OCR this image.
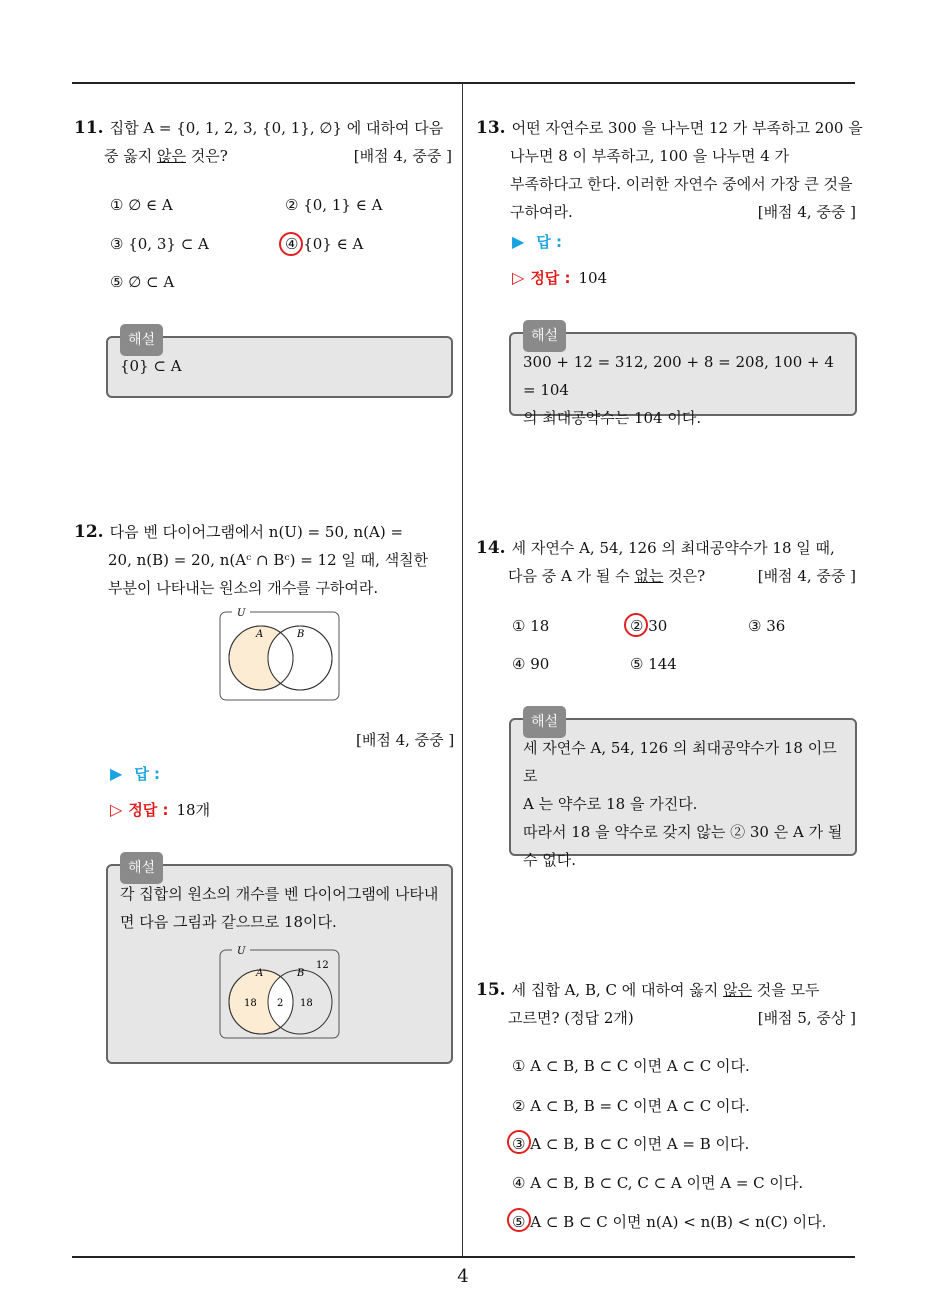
4
11. 집합 A = {0, 1, 2, 3, {0, 1}, ∅} 에 대하여 다음
중 옳지 않은 것은?	[배점 4, 중중 ]
① ∅ ∈ A	② {0, 1} ∈ A
③ {0, 3} ⊂ A	④ {0} ∈ A
⑤ ∅ ⊂ A
해설
{0} ⊂ A
12. 다음 벤 다이어그램에서 n(U) = 50, n(A) =
20, n(B) = 20, n(Aᶜ ∩ Bᶜ) = 12 일 때, 색칠한
부분이 나타내는 원소의 개수를 구하여라.
U
A	B
[배점 4, 중중 ]
▶ 답 :
▷ 정답 : 18개
해설
각 집합의 원소의 개수를 벤 다이어그램에 나타내
면 다음 그림과 같으므로 18이다.
U
12
A	B
18 2 18
13. 어떤 자연수로 300 을 나누면 12 가 부족하고 200 을
나누면 8 이 부족하고, 100 을 나누면 4 가
부족하다고 한다. 이러한 자연수 중에서 가장 큰 것을
구하여라.	[배점 4, 중중 ]
▶ 답 :
▷ 정답 : 104
해설
300 + 12 = 312, 200 + 8 = 208, 100 + 4 = 104
의 최대공약수는 104 이다.
14. 세 자연수 A, 54, 126 의 최대공약수가 18 일 때,
다음 중 A 가 될 수 없는 것은?	[배점 4, 중중 ]
① 18	② 30	③ 36
④ 90	⑤ 144
해설
세 자연수 A, 54, 126 의 최대공약수가 18 이므로
A 는 약수로 18 을 가진다.
따라서 18 을 약수로 갖지 않는 ② 30 은 A 가 될
수 없다.
15. 세 집합 A, B, C 에 대하여 옳지 않은 것을 모두
고르면? (정답 2개)	[배점 5, 중상 ]
① A ⊂ B, B ⊂ C 이면 A ⊂ C 이다.
② A ⊂ B, B = C 이면 A ⊂ C 이다.
③ A ⊂ B, B ⊂ C 이면 A = B 이다.
④ A ⊂ B, B ⊂ C, C ⊂ A 이면 A = C 이다.
⑤ A ⊂ B ⊂ C 이면 n(A) < n(B) < n(C) 이다.
